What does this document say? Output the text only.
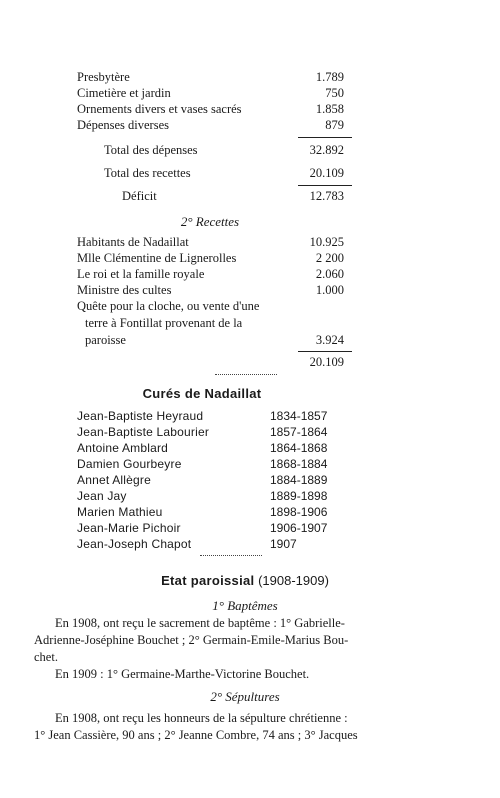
Presbytère	1.789
Cimetière et jardin	750
Ornements divers et vases sacrés	1.858
Dépenses diverses	879
Total des dépenses	32.892
Total des recettes	20.109
Déficit	12.783
2° Recettes
Habitants de Nadaillat	10.925
Mlle Clémentine de Lignerolles	2 200
Le roi et la famille royale	2.060
Ministre des cultes	1.000
Quête pour la cloche, ou vente d'une
terre à Fontillat provenant de la
paroisse	3.924
20.109
Curés de Nadaillat
Jean-Baptiste Heyraud	1834-1857
Jean-Baptiste Labourier	1857-1864
Antoine Amblard	1864-1868
Damien Gourbeyre	1868-1884
Annet Allègre	1884-1889
Jean Jay	1889-1898
Marien Mathieu	1898-1906
Jean-Marie Pichoir	1906-1907
Jean-Joseph Chapot	1907
Etat paroissial (1908-1909)
1° Baptêmes
En 1908, ont reçu le sacrement de baptême : 1° Gabrielle-
Adrienne-Joséphine Bouchet ; 2° Germain-Emile-Marius Bou-
chet.
En 1909 : 1° Germaine-Marthe-Victorine Bouchet.
2° Sépultures
En 1908, ont reçu les honneurs de la sépulture chrétienne :
1° Jean Cassière, 90 ans ; 2° Jeanne Combre, 74 ans ; 3° Jacques
